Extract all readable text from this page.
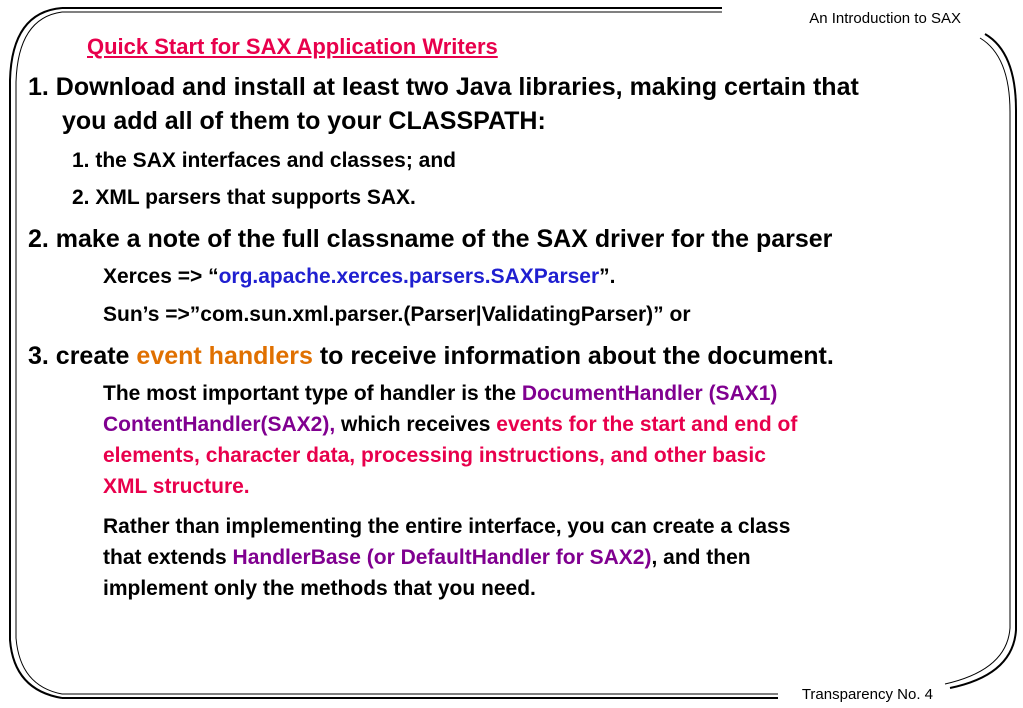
An Introduction to SAX
Quick Start for SAX Application Writers
1. Download and install at least two Java libraries, making certain that
you add all of them to your CLASSPATH:
1. the SAX interfaces and classes; and
2. XML parsers that supports SAX.
2. make a note of the full classname of the SAX driver for the parser
Xerces => “org.apache.xerces.parsers.SAXParser”.
Sun’s =>”com.sun.xml.parser.(Parser|ValidatingParser)” or
3. create event handlers to receive information about the document.
The most important type of handler is the DocumentHandler (SAX1)
ContentHandler(SAX2), which receives events for the start and end of
elements, character data, processing instructions, and other basic
XML structure.
Rather than implementing the entire interface, you can create a class
that extends HandlerBase (or DefaultHandler for SAX2), and then
implement only the methods that you need.
Transparency No. 4
